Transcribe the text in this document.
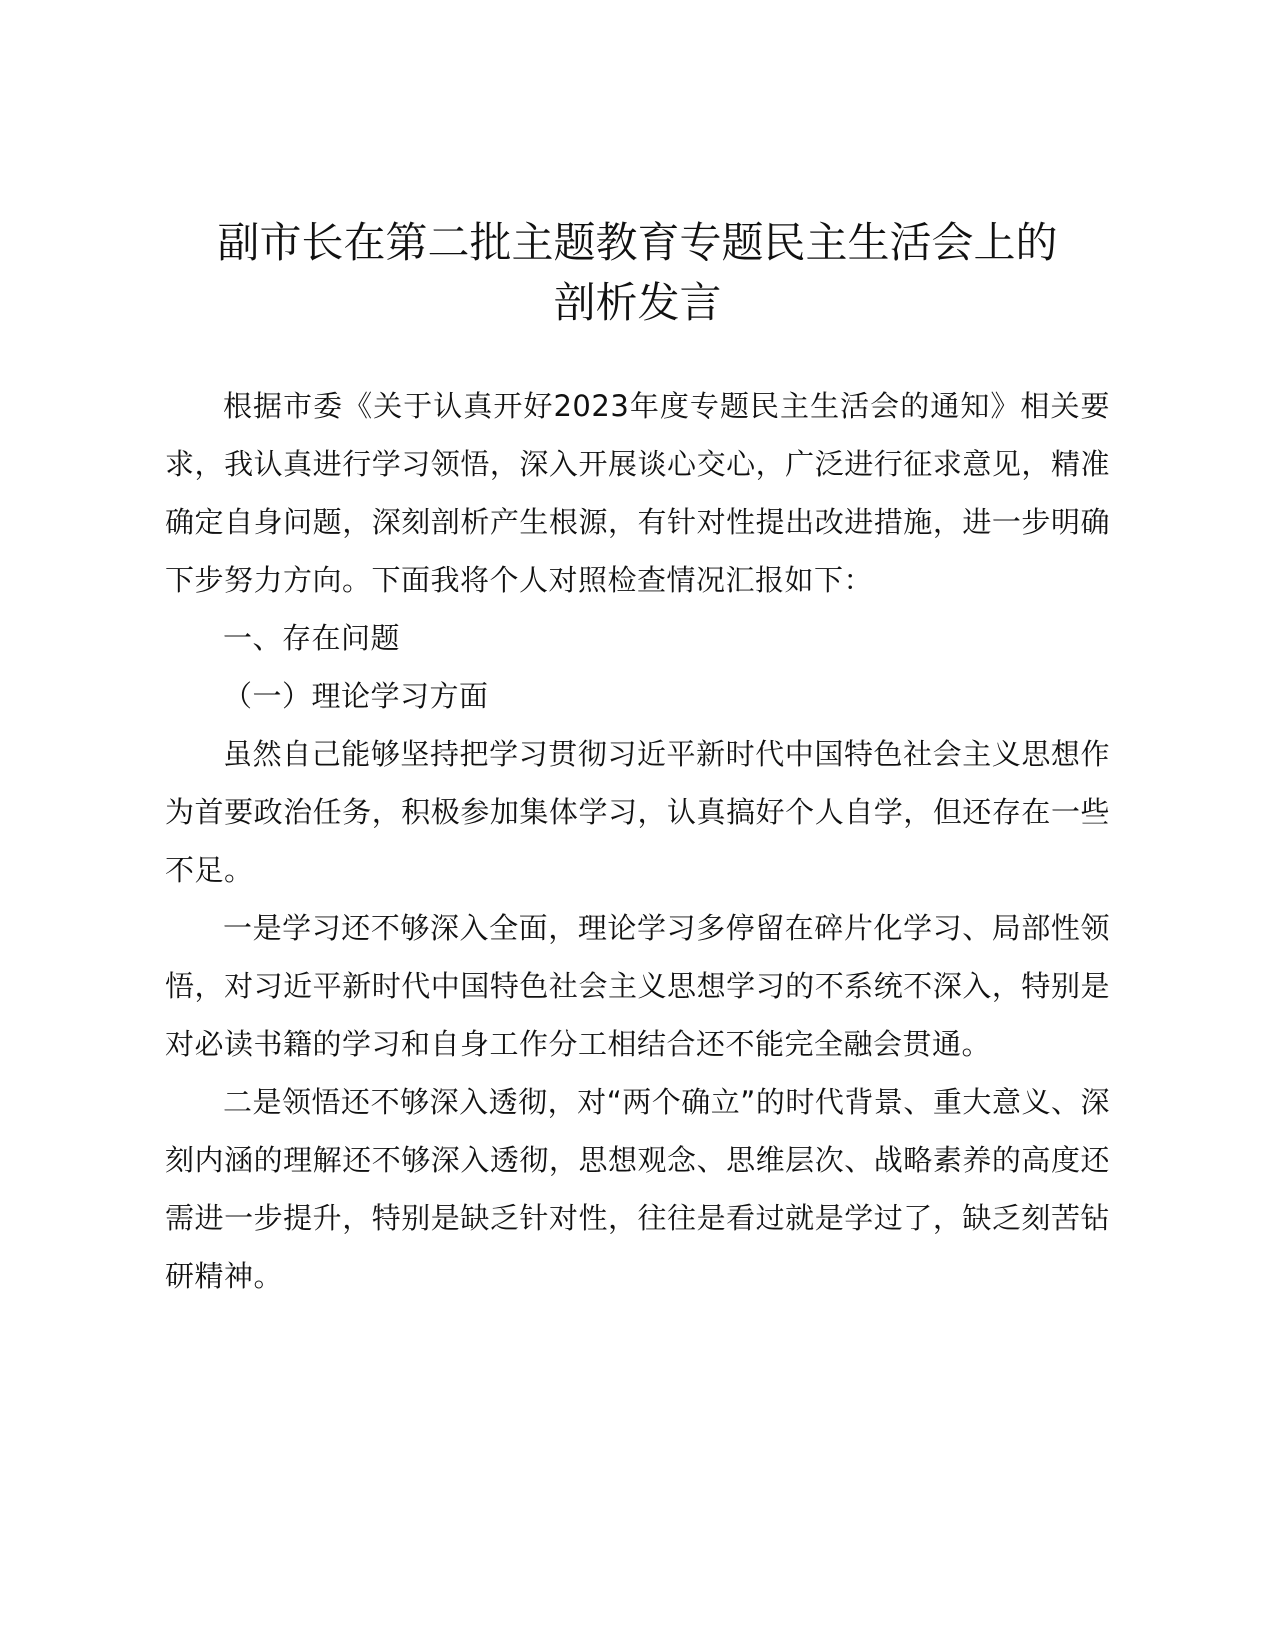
副市长在第二批主题教育专题民主生活会上的
剖析发言

根据市委《关于认真开好2023年度专题民主生活会的通知》相关要求，我认真进行学习领悟，深入开展谈心交心，广泛进行征求意见，精准确定自身问题，深刻剖析产生根源，有针对性提出改进措施，进一步明确下步努力方向。下面我将个人对照检查情况汇报如下：

一、存在问题

（一）理论学习方面

虽然自己能够坚持把学习贯彻习近平新时代中国特色社会主义思想作为首要政治任务，积极参加集体学习，认真搞好个人自学，但还存在一些不足。

一是学习还不够深入全面，理论学习多停留在碎片化学习、局部性领悟，对习近平新时代中国特色社会主义思想学习的不系统不深入，特别是对必读书籍的学习和自身工作分工相结合还不能完全融会贯通。

二是领悟还不够深入透彻，对“两个确立”的时代背景、重大意义、深刻内涵的理解还不够深入透彻，思想观念、思维层次、战略素养的高度还需进一步提升，特别是缺乏针对性，往往是看过就是学过了，缺乏刻苦钻研精神。
